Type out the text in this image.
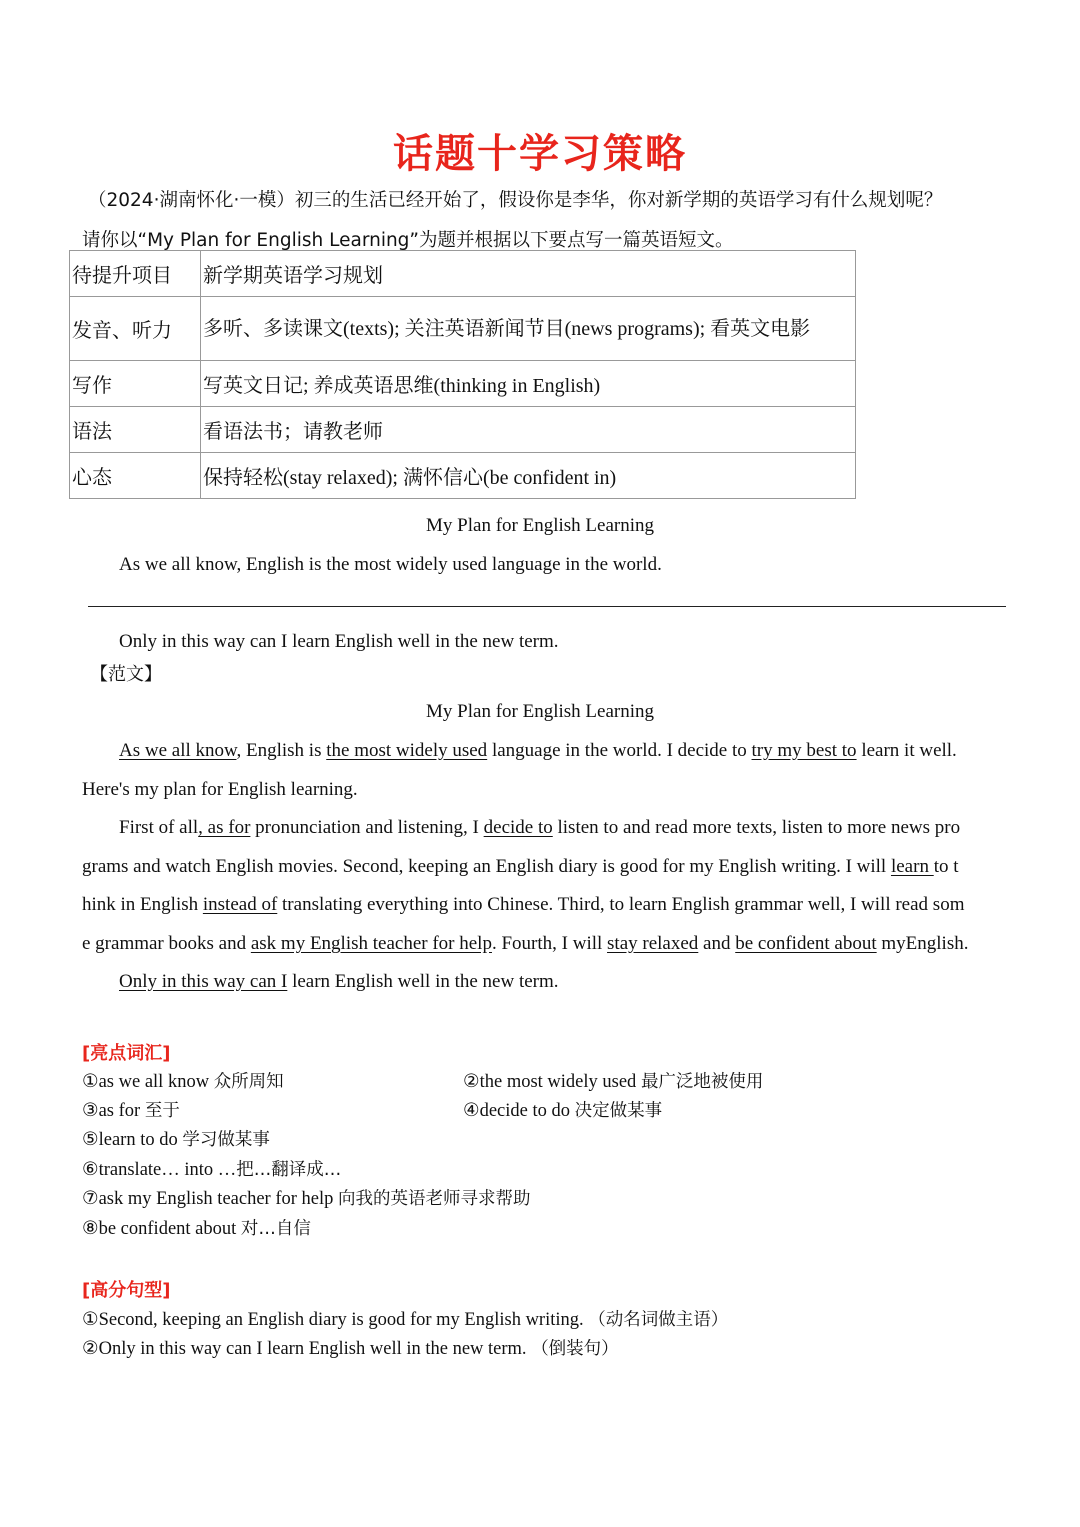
话题十学习策略
（2024·湖南怀化·一模）初三的生活已经开始了，假设你是李华，你对新学期的英语学习有什么规划呢？
请你以“My Plan for English Learning”为题并根据以下要点写一篇英语短文。
待提升项目	新学期英语学习规划
发音、听力	多听、多读课文(texts); 关注英语新闻节目(news programs); 看英文电影
写作	写英文日记; 养成英语思维(thinking in English)
语法	看语法书；请教老师
心态	保持轻松(stay relaxed); 满怀信心(be confident in)
My Plan for English Learning
As we all know, English is the most widely used language in the world.
Only in this way can I learn English well in the new term.
【范文】
My Plan for English Learning
As we all know, English is the most widely used language in the world. I decide to try my best to learn it well.
Here's my plan for English learning.
First of all, as for pronunciation and listening, I decide to listen to and read more texts, listen to more news pro
grams and watch English movies. Second, keeping an English diary is good for my English writing. I will learn to t
hink in English instead of translating everything into Chinese. Third, to learn English grammar well, I will read som
e grammar books and ask my English teacher for help. Fourth, I will stay relaxed and be confident about myEnglish.
Only in this way can I learn English well in the new term.
[亮点词汇]
①as we all know 众所周知	②the most widely used 最广泛地被使用
③as for 至于	④decide to do 决定做某事
⑤learn to do 学习做某事
⑥translate… into …把…翻译成…
⑦ask my English teacher for help 向我的英语老师寻求帮助
⑧be confident about 对…自信
[高分句型]
①Second, keeping an English diary is good for my English writing. （动名词做主语）
②Only in this way can I learn English well in the new term. （倒装句）
